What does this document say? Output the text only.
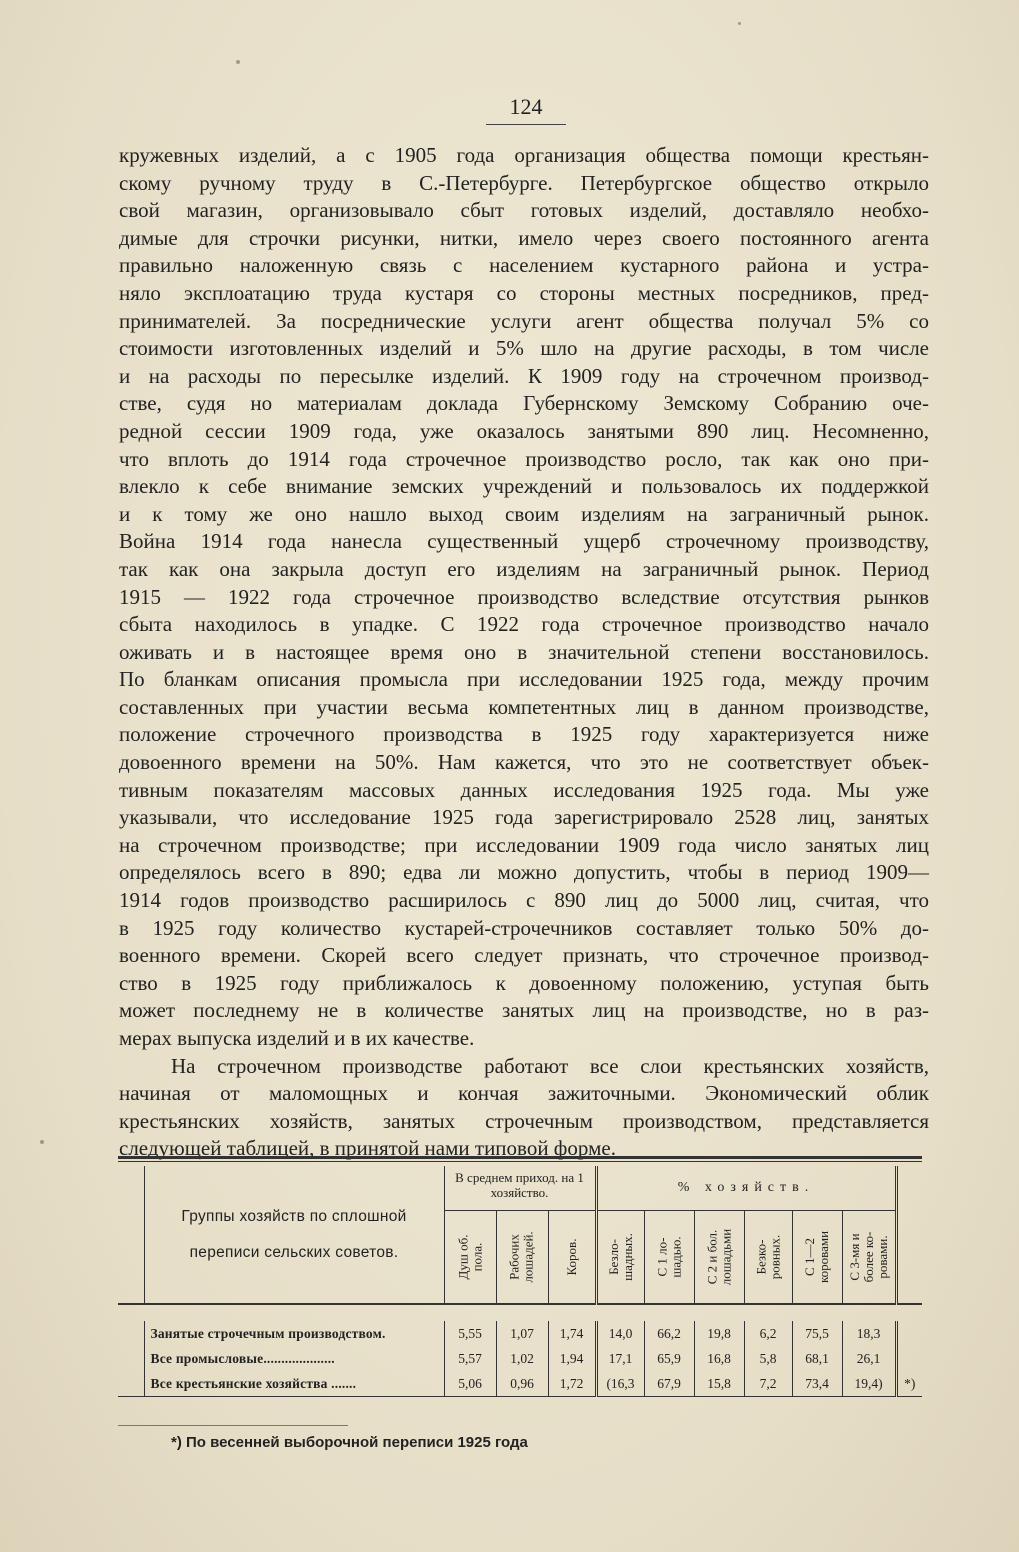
124
кружевных изделий, а с 1905 года организация общества помощи крестьян-
скому ручному труду в С.-Петербурге. Петербургское общество открыло
свой магазин, организовывало сбыт готовых изделий, доставляло необхо-
димые для строчки рисунки, нитки, имело через своего постоянного агента
правильно наложенную связь с населением кустарного района и устра-
няло эксплоатацию труда кустаря со стороны местных посредников, пред-
принимателей. За посреднические услуги агент общества получал 5% со
стоимости изготовленных изделий и 5% шло на другие расходы, в том числе
и на расходы по пересылке изделий. К 1909 году на строчечном производ-
стве, судя но материалам доклада Губернскому Земскому Собранию оче-
редной сессии 1909 года, уже оказалось занятыми 890 лиц. Несомненно,
что вплоть до 1914 года строчечное производство росло, так как оно при-
влекло к себе внимание земских учреждений и пользовалось их поддержкой
и к тому же оно нашло выход своим изделиям на заграничный рынок.
Война 1914 года нанесла существенный ущерб строчечному производству,
так как она закрыла доступ его изделиям на заграничный рынок. Период
1915 — 1922 года строчечное производство вследствие отсутствия рынков
сбыта находилось в упадке. С 1922 года строчечное производство начало
оживать и в настоящее время оно в значительной степени восстановилось.
По бланкам описания промысла при исследовании 1925 года, между прочим
составленных при участии весьма компетентных лиц в данном производстве,
положение строчечного производства в 1925 году характеризуется ниже
довоенного времени на 50%. Нам кажется, что это не соответствует объек-
тивным показателям массовых данных исследования 1925 года. Мы уже
указывали, что исследование 1925 года зарегистрировало 2528 лиц, занятых
на строчечном производстве; при исследовании 1909 года число занятых лиц
определялось всего в 890; едва ли можно допустить, чтобы в период 1909—
1914 годов производство расширилось с 890 лиц до 5000 лиц, считая, что
в 1925 году количество кустарей-строчечников составляет только 50% до-
военного времени. Скорей всего следует признать, что строчечное производ-
ство в 1925 году приближалось к довоенному положению, уступая быть
может последнему не в количестве занятых лиц на производстве, но в раз-
мерах выпуска изделий и в их качестве.
На строчечном производстве работают все слои крестьянских хозяйств,
начиная от маломощных и кончая зажиточными. Экономический облик
крестьянских хозяйств, занятых строчечным производством, представляется
следующей таблицей, в принятой нами типовой форме.
	Группы хозяйств по сплошной переписи сельских советов.	В среднем приход. на 1 хозяйство.			% хозяйств.						

		Душ об. пола.	Рабочих лошадей.	Коров.	Безло-шадных.	С 1 ло-шадью.	С 2 и бол. лошадьми	Безко-ровных.	С 1—2 коровами	С 3-мя и более ко-ровами.	

	Занятые строчечным производством.	5,55	1,07	1,74	14,0	66,2	19,8	6,2	75,5	18,3	
	Все промысловые....................	5,57	1,02	1,94	17,1	65,9	16,8	5,8	68,1	26,1	
	Все крестьянские хозяйства .......	5,06	0,96	1,72	(16,3	67,9	15,8	7,2	73,4	19,4)	*)
*) По весенней выборочной переписи 1925 года
